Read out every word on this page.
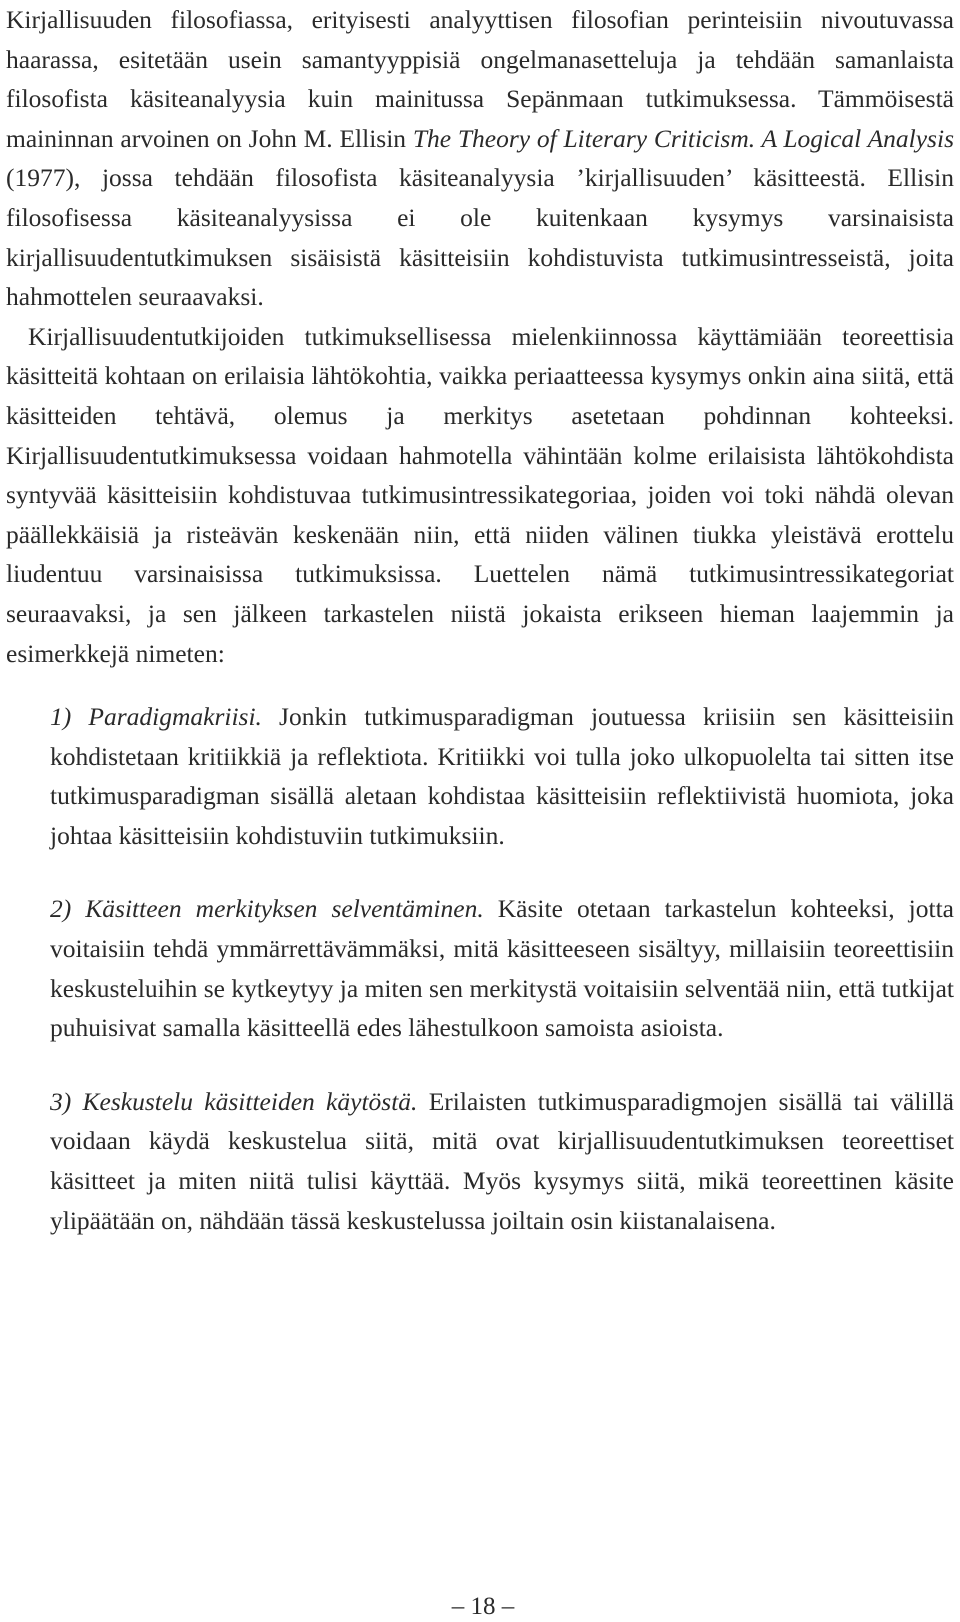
Kirjallisuuden filosofiassa, erityisesti analyyttisen filosofian perinteisiin nivoutuvassa haarassa, esitetään usein samantyyppisiä ongelmanasetteluja ja tehdään samanlaista filosofista käsiteanalyysia kuin mainitussa Sepänmaan tutkimuksessa. Tämmöisestä maininnan arvoinen on John M. Ellisin The Theory of Literary Criticism. A Logical Analysis (1977), jossa tehdään filosofista käsiteanalyysia ’kirjallisuuden’ käsitteestä. Ellisin filosofisessa käsiteanalyysissa ei ole kuitenkaan kysymys varsinaisista kirjallisuudentutkimuksen sisäisistä käsitteisiin kohdistuvista tutkimusintresseistä, joita hahmottelen seuraavaksi.

Kirjallisuudentutkijoiden tutkimuksellisessa mielenkiinnossa käyttämiään teoreettisia käsitteitä kohtaan on erilaisia lähtökohtia, vaikka periaatteessa kysymys onkin aina siitä, että käsitteiden tehtävä, olemus ja merkitys asetetaan pohdinnan kohteeksi. Kirjallisuudentutkimuksessa voidaan hahmotella vähintään kolme erilaisista lähtökohdista syntyvää käsitteisiin kohdistuvaa tutkimusintressikategoriaa, joiden voi toki nähdä olevan päällekkäisiä ja risteävän keskenään niin, että niiden välinen tiukka yleistävä erottelu liudentuu varsinaisissa tutkimuksissa. Luettelen nämä tutkimusintressikategoriat seuraavaksi, ja sen jälkeen tarkastelen niistä jokaista erikseen hieman laajemmin ja esimerkkejä nimeten:

1) Paradigmakriisi. Jonkin tutkimusparadigman joutuessa kriisiin sen käsitteisiin kohdistetaan kritiikkiä ja reflektiota. Kritiikki voi tulla joko ulkopuolelta tai sitten itse tutkimusparadigman sisällä aletaan kohdistaa käsitteisiin reflektiivistä huomiota, joka johtaa käsitteisiin kohdistuviin tutkimuksiin.

2) Käsitteen merkityksen selventäminen. Käsite otetaan tarkastelun kohteeksi, jotta voitaisiin tehdä ymmärrettävämmäksi, mitä käsitteeseen sisältyy, millaisiin teoreettisiin keskusteluihin se kytkeytyy ja miten sen merkitystä voitaisiin selventää niin, että tutkijat puhuisivat samalla käsitteellä edes lähestulkoon samoista asioista.

3) Keskustelu käsitteiden käytöstä. Erilaisten tutkimusparadigmojen sisällä tai välillä voidaan käydä keskustelua siitä, mitä ovat kirjallisuudentutkimuksen teoreettiset käsitteet ja miten niitä tulisi käyttää. Myös kysymys siitä, mikä teoreettinen käsite ylipäätään on, nähdään tässä keskustelussa joiltain osin kiistanalaisena.

– 18 –
